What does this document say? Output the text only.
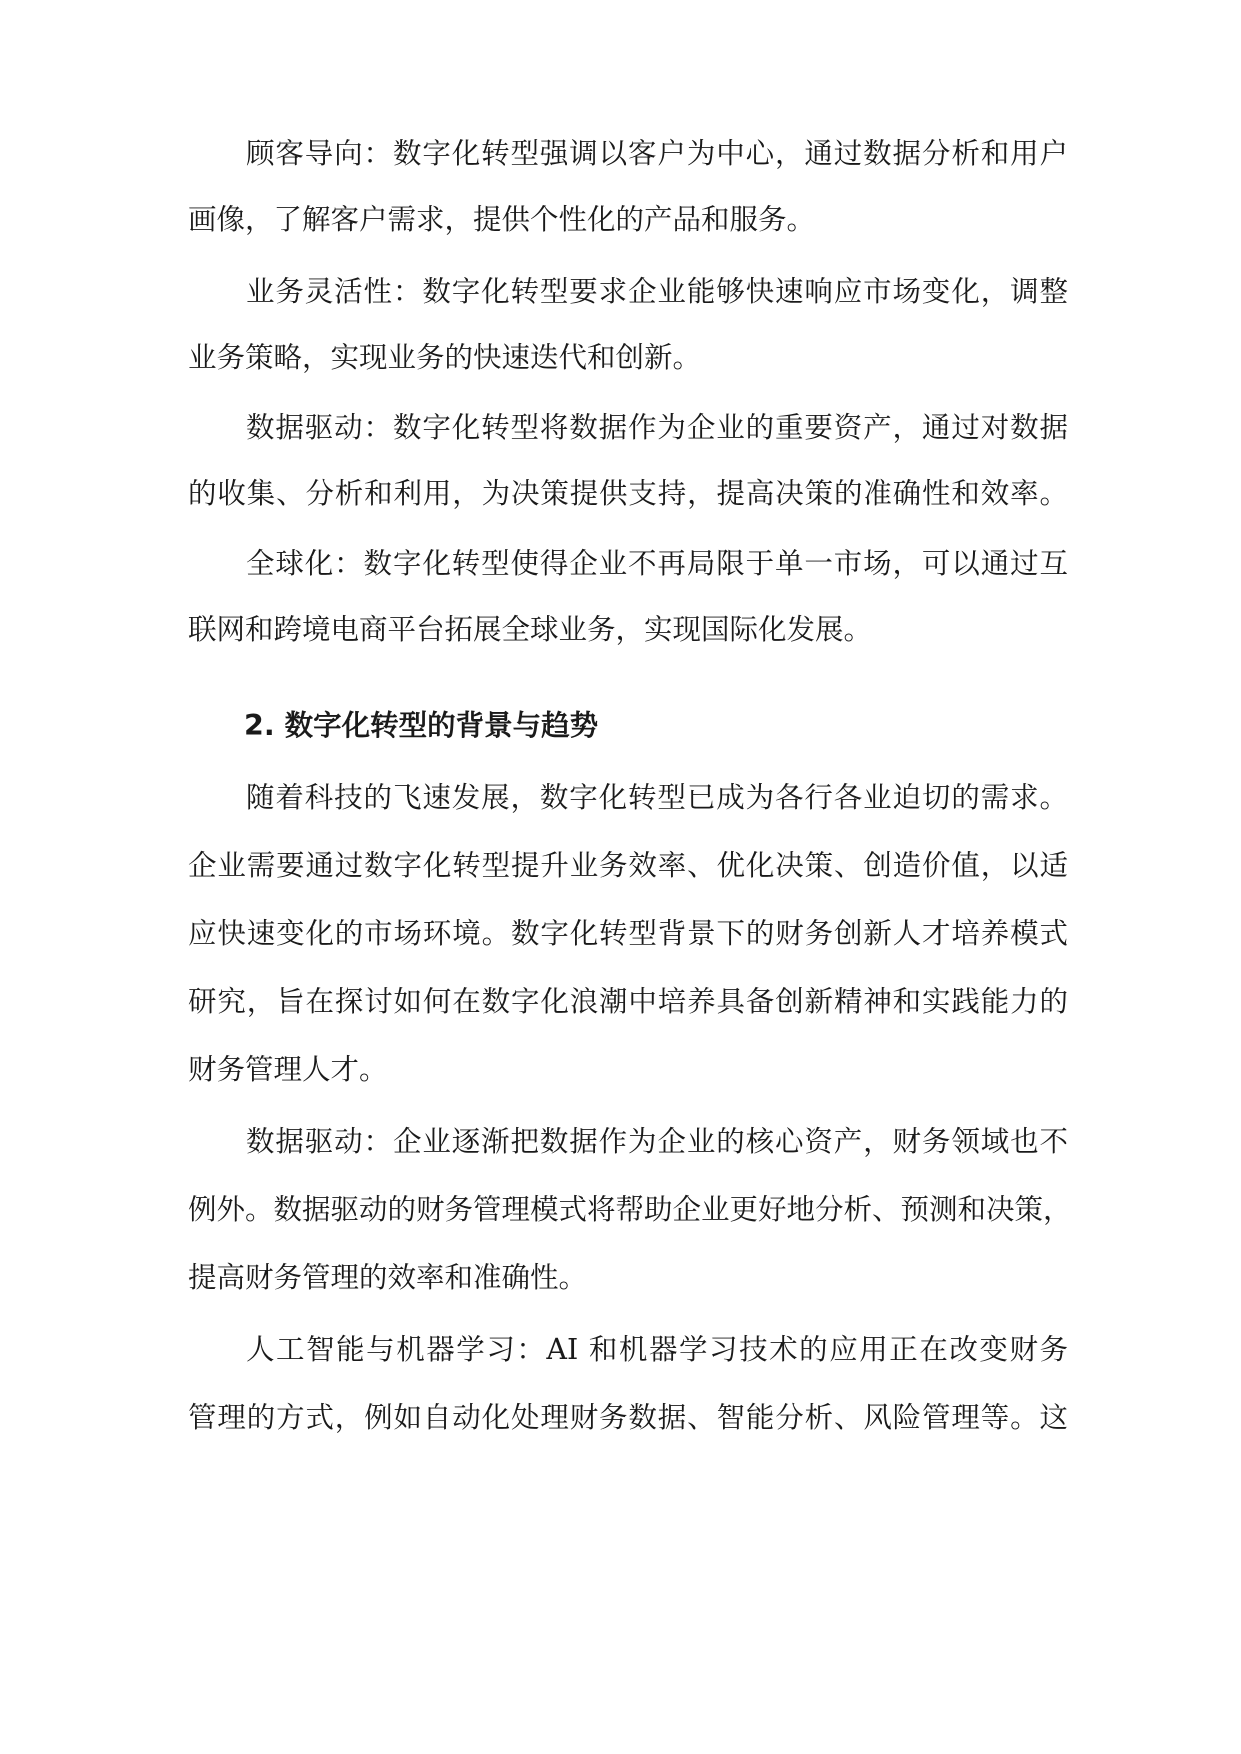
顾客导向：数字化转型强调以客户为中心，通过数据分析和用户

画像，了解客户需求，提供个性化的产品和服务。

业务灵活性：数字化转型要求企业能够快速响应市场变化，调整

业务策略，实现业务的快速迭代和创新。

数据驱动：数字化转型将数据作为企业的重要资产，通过对数据

的收集、分析和利用，为决策提供支持，提高决策的准确性和效率。

全球化：数字化转型使得企业不再局限于单一市场，可以通过互

联网和跨境电商平台拓展全球业务，实现国际化发展。

2. 数字化转型的背景与趋势

随着科技的飞速发展，数字化转型已成为各行各业迫切的需求。

企业需要通过数字化转型提升业务效率、优化决策、创造价值，以适

应快速变化的市场环境。数字化转型背景下的财务创新人才培养模式

研究，旨在探讨如何在数字化浪潮中培养具备创新精神和实践能力的

财务管理人才。

数据驱动：企业逐渐把数据作为企业的核心资产，财务领域也不

例外。数据驱动的财务管理模式将帮助企业更好地分析、预测和决策，

提高财务管理的效率和准确性。

人工智能与机器学习：AI 和机器学习技术的应用正在改变财务

管理的方式，例如自动化处理财务数据、智能分析、风险管理等。这
